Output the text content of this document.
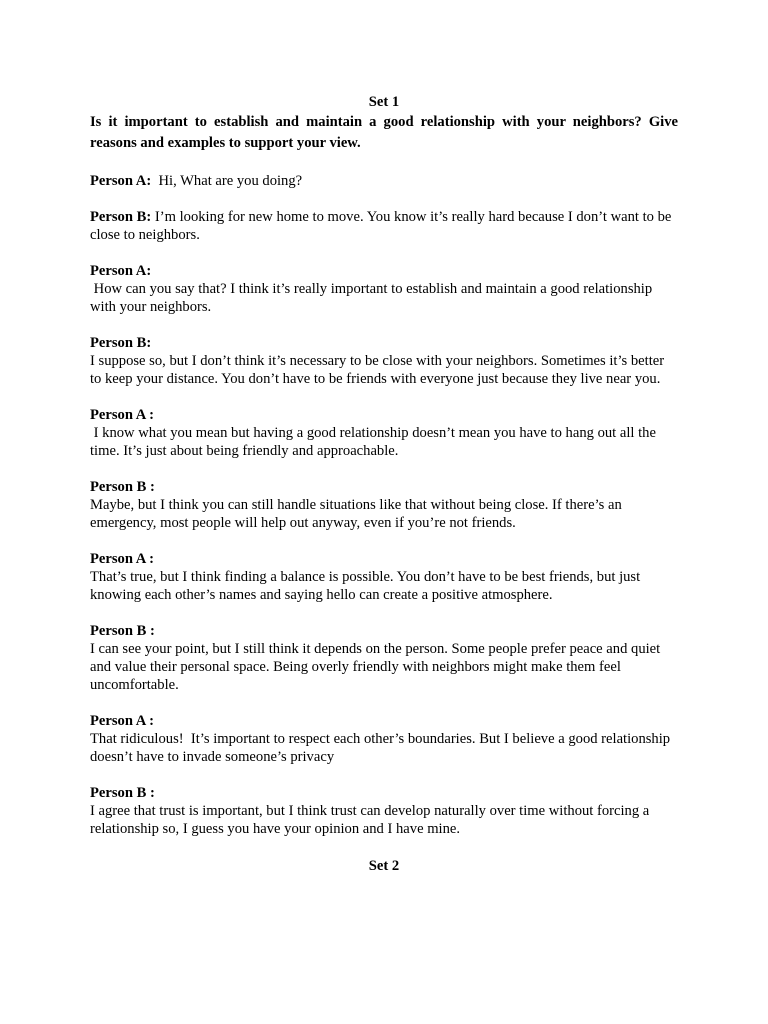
Set 1

Is it important to establish and maintain a good relationship with your neighbors? Give reasons and examples to support your view.

Person A:  Hi, What are you doing?
Person B: I’m looking for new home to move. You know it’s really hard because I don’t want to be close to neighbors.
Person A:
How can you say that? I think it’s really important to establish and maintain a good relationship with your neighbors.
Person B:
I suppose so, but I don’t think it’s necessary to be close with your neighbors. Sometimes it’s better to keep your distance. You don’t have to be friends with everyone just because they live near you.
Person A :
I know what you mean but having a good relationship doesn’t mean you have to hang out all the time. It’s just about being friendly and approachable.
Person B :
Maybe, but I think you can still handle situations like that without being close. If there’s an emergency, most people will help out anyway, even if you’re not friends.
Person A :
That’s true, but I think finding a balance is possible. You don’t have to be best friends, but just knowing each other’s names and saying hello can create a positive atmosphere.
Person B :
I can see your point, but I still think it depends on the person. Some people prefer peace and quiet and value their personal space. Being overly friendly with neighbors might make them feel uncomfortable.
Person A :
That ridiculous!  It’s important to respect each other’s boundaries. But I believe a good relationship doesn’t have to invade someone’s privacy
Person B :
I agree that trust is important, but I think trust can develop naturally over time without forcing a relationship so, I guess you have your opinion and I have mine.

Set 2
